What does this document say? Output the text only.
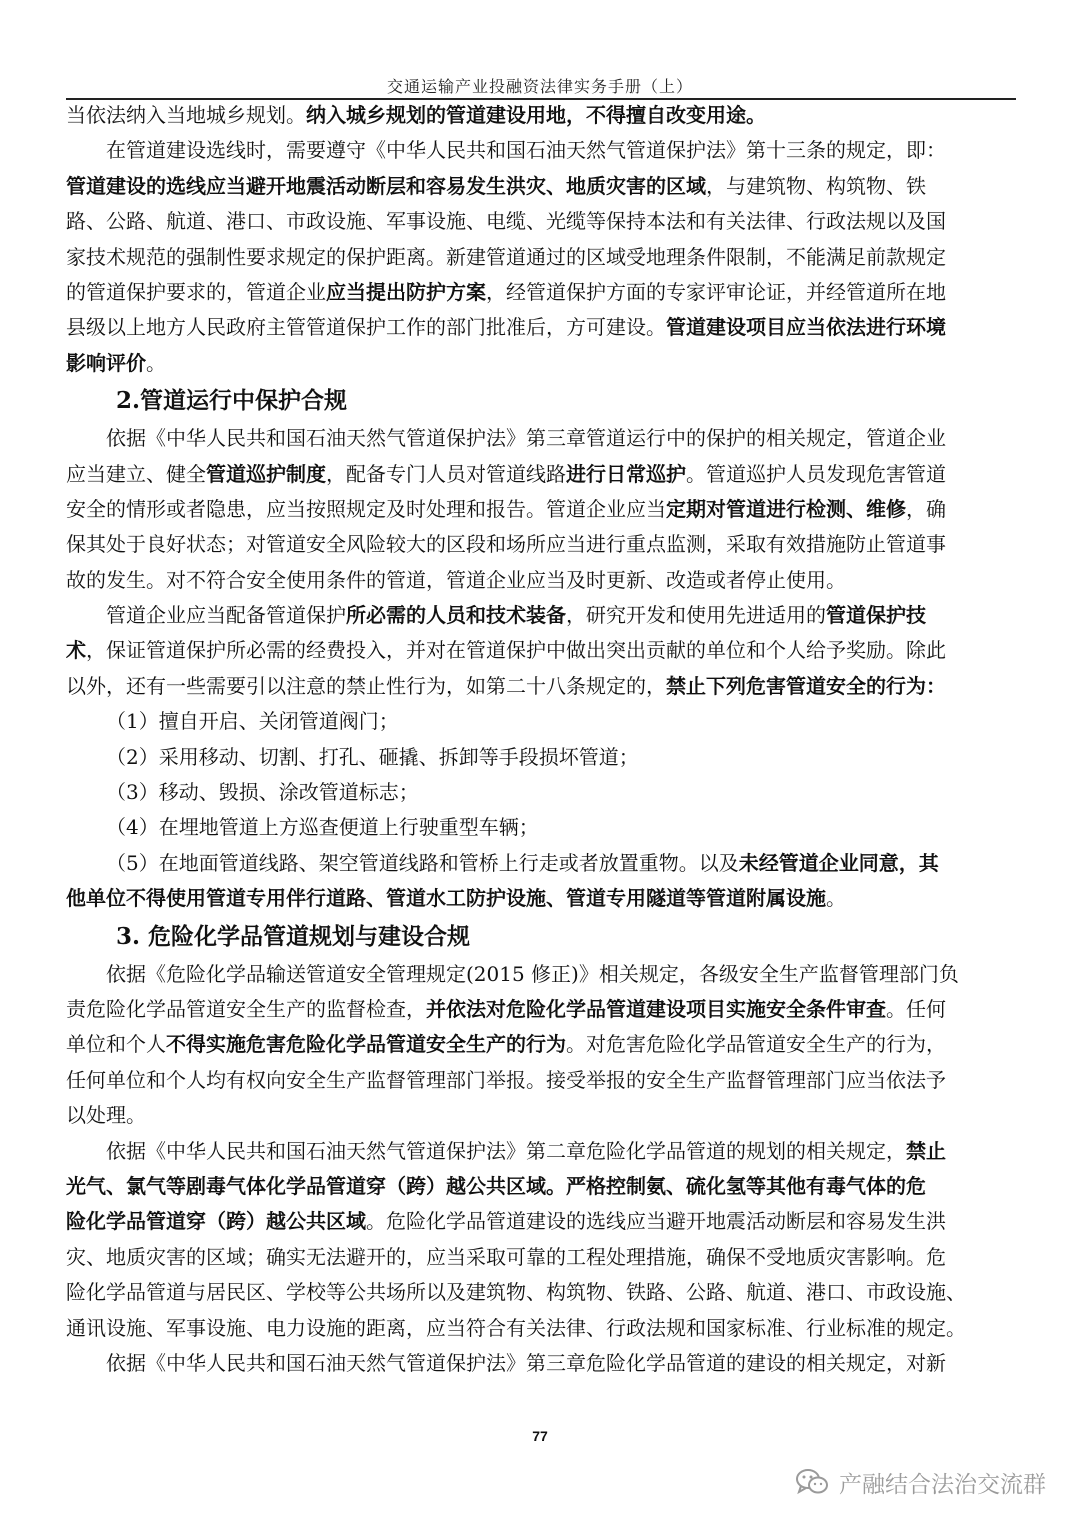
交通运输产业投融资法律实务手册（上）
当依法纳入当地城乡规划。纳入城乡规划的管道建设用地，不得擅自改变用途。
在管道建设选线时，需要遵守《中华人民共和国石油天然气管道保护法》第十三条的规定，即：
管道建设的选线应当避开地震活动断层和容易发生洪灾、地质灾害的区域，与建筑物、构筑物、铁
路、公路、航道、港口、市政设施、军事设施、电缆、光缆等保持本法和有关法律、行政法规以及国
家技术规范的强制性要求规定的保护距离。新建管道通过的区域受地理条件限制，不能满足前款规定
的管道保护要求的，管道企业应当提出防护方案，经管道保护方面的专家评审论证，并经管道所在地
县级以上地方人民政府主管管道保护工作的部门批准后，方可建设。管道建设项目应当依法进行环境
影响评价。
2.管道运行中保护合规
依据《中华人民共和国石油天然气管道保护法》第三章管道运行中的保护的相关规定，管道企业
应当建立、健全管道巡护制度，配备专门人员对管道线路进行日常巡护。管道巡护人员发现危害管道
安全的情形或者隐患，应当按照规定及时处理和报告。管道企业应当定期对管道进行检测、维修，确
保其处于良好状态；对管道安全风险较大的区段和场所应当进行重点监测，采取有效措施防止管道事
故的发生。对不符合安全使用条件的管道，管道企业应当及时更新、改造或者停止使用。
管道企业应当配备管道保护所必需的人员和技术装备，研究开发和使用先进适用的管道保护技
术，保证管道保护所必需的经费投入，并对在管道保护中做出突出贡献的单位和个人给予奖励。除此
以外，还有一些需要引以注意的禁止性行为，如第二十八条规定的，禁止下列危害管道安全的行为：
（1）擅自开启、关闭管道阀门；
（2）采用移动、切割、打孔、砸撬、拆卸等手段损坏管道；
（3）移动、毁损、涂改管道标志；
（4）在埋地管道上方巡查便道上行驶重型车辆；
（5）在地面管道线路、架空管道线路和管桥上行走或者放置重物。以及未经管道企业同意，其
他单位不得使用管道专用伴行道路、管道水工防护设施、管道专用隧道等管道附属设施。
3. 危险化学品管道规划与建设合规
依据《危险化学品输送管道安全管理规定(2015 修正)》相关规定，各级安全生产监督管理部门负
责危险化学品管道安全生产的监督检查，并依法对危险化学品管道建设项目实施安全条件审查。任何
单位和个人不得实施危害危险化学品管道安全生产的行为。对危害危险化学品管道安全生产的行为，
任何单位和个人均有权向安全生产监督管理部门举报。接受举报的安全生产监督管理部门应当依法予
以处理。
依据《中华人民共和国石油天然气管道保护法》第二章危险化学品管道的规划的相关规定，禁止
光气、氯气等剧毒气体化学品管道穿（跨）越公共区域。严格控制氨、硫化氢等其他有毒气体的危
险化学品管道穿（跨）越公共区域。危险化学品管道建设的选线应当避开地震活动断层和容易发生洪
灾、地质灾害的区域；确实无法避开的，应当采取可靠的工程处理措施，确保不受地质灾害影响。危
险化学品管道与居民区、学校等公共场所以及建筑物、构筑物、铁路、公路、航道、港口、市政设施、
通讯设施、军事设施、电力设施的距离，应当符合有关法律、行政法规和国家标准、行业标准的规定。
依据《中华人民共和国石油天然气管道保护法》第三章危险化学品管道的建设的相关规定，对新
77
产融结合法治交流群
